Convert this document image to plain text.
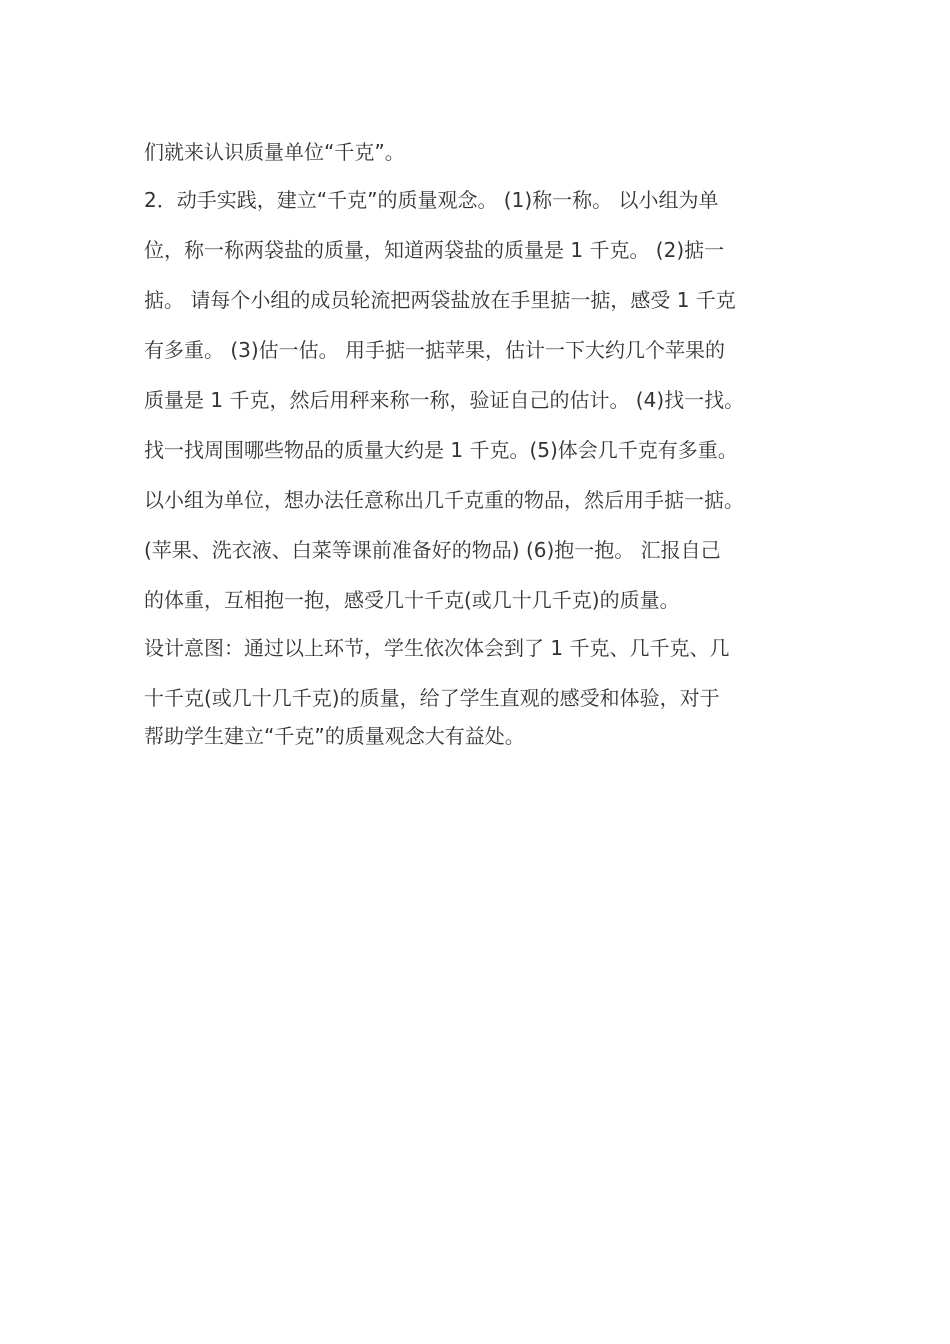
们就来认识质量单位“千克”。
2．动手实践，建立“千克”的质量观念。 (1)称一称。 以小组为单
位，称一称两袋盐的质量，知道两袋盐的质量是 1 千克。 (2)掂一
掂。 请每个小组的成员轮流把两袋盐放在手里掂一掂，感受 1 千克
有多重。 (3)估一估。 用手掂一掂苹果，估计一下大约几个苹果的
质量是 1 千克，然后用秤来称一称，验证自己的估计。 (4)找一找。
找一找周围哪些物品的质量大约是 1 千克。(5)体会几千克有多重。
以小组为单位，想办法任意称出几千克重的物品，然后用手掂一掂。
(苹果、洗衣液、白菜等课前准备好的物品) (6)抱一抱。 汇报自己
的体重，互相抱一抱，感受几十千克(或几十几千克)的质量。
设计意图：通过以上环节，学生依次体会到了 1 千克、几千克、几
十千克(或几十几千克)的质量，给了学生直观的感受和体验，对于
帮助学生建立“千克”的质量观念大有益处。
